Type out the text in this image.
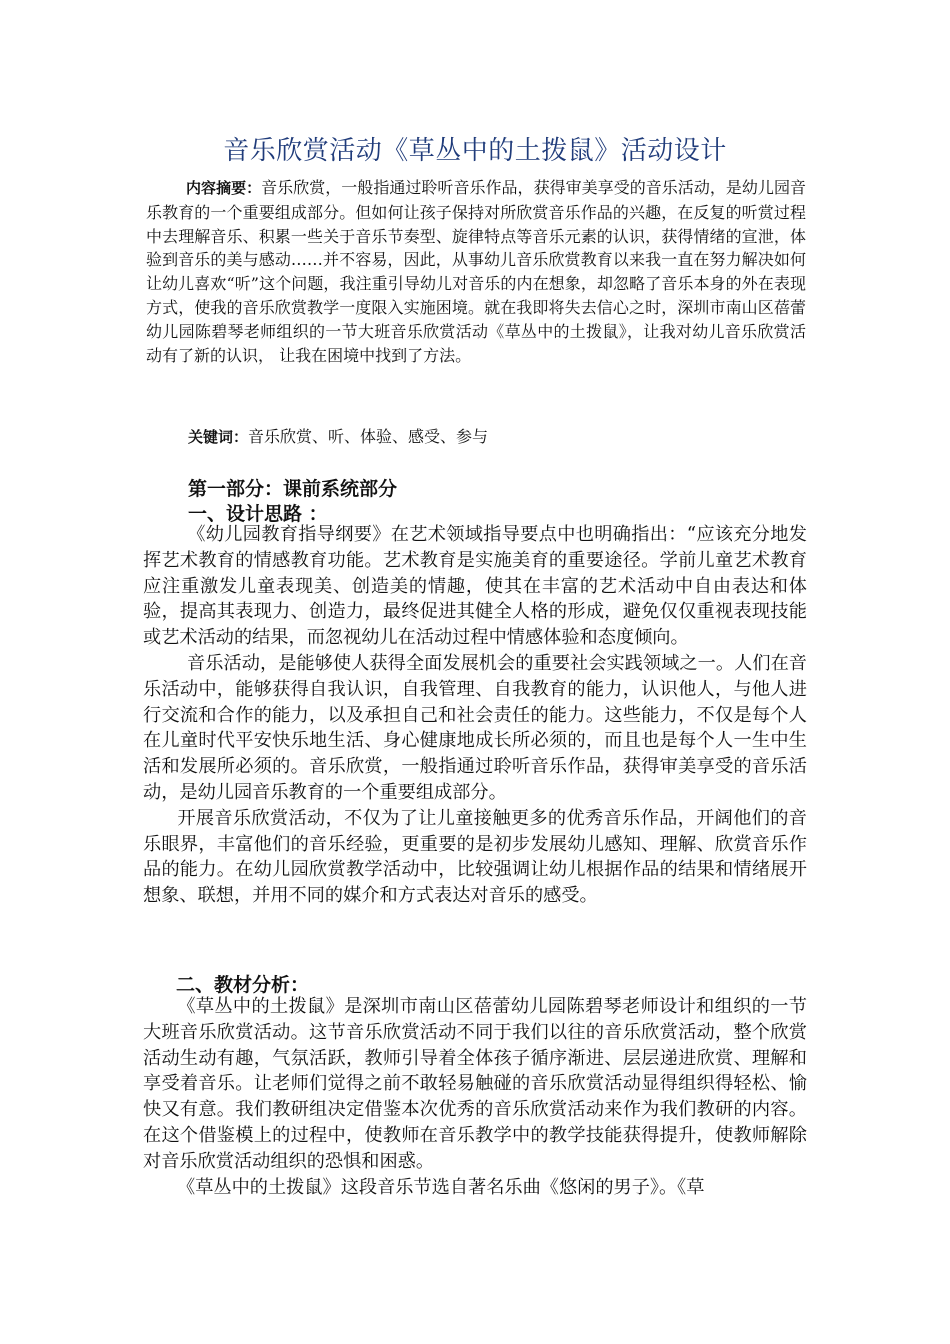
音乐欣赏活动《草丛中的土拨鼠》活动设计
内容摘要：音乐欣赏，一般指通过聆听音乐作品，获得审美享受的音乐活动，是幼儿园音乐教育的一个重要组成部分。但如何让孩子保持对所欣赏音乐作品的兴趣，在反复的听赏过程中去理解音乐、积累一些关于音乐节奏型、旋律特点等音乐元素的认识，获得情绪的宣泄，体验到音乐的美与感动……并不容易，因此，从事幼儿音乐欣赏教育以来我一直在努力解决如何让幼儿喜欢“听”这个问题，我注重引导幼儿对音乐的内在想象，却忽略了音乐本身的外在表现方式，使我的音乐欣赏教学一度限入实施困境。就在我即将失去信心之时，深圳市南山区蓓蕾幼儿园陈碧琴老师组织的一节大班音乐欣赏活动《草丛中的土拨鼠》，让我对幼儿音乐欣赏活动有了新的认识， 让我在困境中找到了方法。
关键词：音乐欣赏、听、体验、感受、参与
第一部分：课前系统部分
一、设计思路 ：

《幼儿园教育指导纲要》在艺术领域指导要点中也明确指出：“应该充分地发挥艺术教育的情感教育功能。艺术教育是实施美育的重要途径。学前儿童艺术教育应注重激发儿童表现美、创造美的情趣，使其在丰富的艺术活动中自由表达和体验，提高其表现力、创造力，最终促进其健全人格的形成，避免仅仅重视表现技能或艺术活动的结果，而忽视幼儿在活动过程中情感体验和态度倾向。

音乐活动，是能够使人获得全面发展机会的重要社会实践领域之一。人们在音乐活动中，能够获得自我认识，自我管理、自我教育的能力，认识他人，与他人进行交流和合作的能力，以及承担自己和社会责任的能力。这些能力，不仅是每个人在儿童时代平安快乐地生活、身心健康地成长所必须的，而且也是每个人一生中生活和发展所必须的。音乐欣赏，一般指通过聆听音乐作品，获得审美享受的音乐活动，是幼儿园音乐教育的一个重要组成部分。

开展音乐欣赏活动，不仅为了让儿童接触更多的优秀音乐作品，开阔他们的音乐眼界，丰富他们的音乐经验，更重要的是初步发展幼儿感知、理解、欣赏音乐作品的能力。在幼儿园欣赏教学活动中，比较强调让幼儿根据作品的结果和情绪展开想象、联想，并用不同的媒介和方式表达对音乐的感受。

二、教材分析：

《草丛中的土拨鼠》是深圳市南山区蓓蕾幼儿园陈碧琴老师设计和组织的一节大班音乐欣赏活动。这节音乐欣赏活动不同于我们以往的音乐欣赏活动，整个欣赏活动生动有趣，气氛活跃，教师引导着全体孩子循序渐进、层层递进欣赏、理解和享受着音乐。让老师们觉得之前不敢轻易触碰的音乐欣赏活动显得组织得轻松、愉快又有意。我们教研组决定借鉴本次优秀的音乐欣赏活动来作为我们教研的内容。在这个借鉴模上的过程中，使教师在音乐教学中的教学技能获得提升，使教师解除对音乐欣赏活动组织的恐惧和困惑。

《草丛中的土拨鼠》这段音乐节选自著名乐曲《悠闲的男子》。《草
